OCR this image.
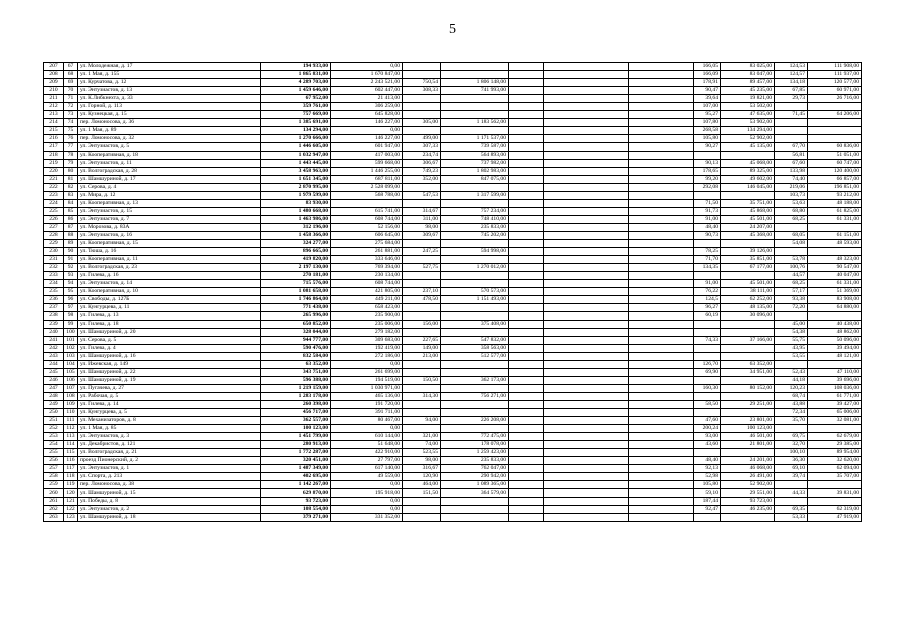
5
207	67	ул. Молодежная, д. 17	194 933,00	0,00						166,05	83 025,00	124,53	111 908,00
208	68	ул. 1 Мая, д. 155	1 865 831,00	1 670 847,00						166,09	83 047,00	124,57	111 937,00
209	69	ул. Курчатова, д. 12	4 289 703,00	2 243 521,00	750,54	1 806 148,00				178,91	89 457,00	134,18	120 577,00
210	70	ул. Энтузиастов, д. 13	1 459 646,00	602 447,00	308,33	741 993,00				90,47	45 235,00	67,85	60 971,00
211	71	ул. К.Либкнехта, д. 33	67 952,00	21 413,00						39,64	19 821,00	29,73	26 716,00
212	72	ул. Горной, д. 113	359 761,00	306 259,00						107,00	53 502,00		
213	73	ул. Кузнецкая, д. 15	757 669,00	645 828,00						95,27	47 635,00	71,45	64 206,00
214	74	пер. Ломоносова, д. 36	1 385 691,00	146 227,00	305,00	1 183 562,00				107,80	53 902,00		
215	75	ул. 1 Мая, д. 89	134 294,00	0,00						268,58	134 294,00		
216	76	пер. Ломоносова, д. 32	1 270 666,00	146 227,00	499,00	1 171 537,00				105,80	52 902,00		
217	77	ул. Энтузиастов, д. 5	1 446 605,00	601 947,00	307,33	739 587,00				90,27	45 135,00	67,70	60 836,00
218	78	ул. Кооперативная, д. 18	1 032 947,00	417 003,00	234,74	564 893,00						56,81	51 051,00
219	79	ул. Энтузиастов, д. 11	1 443 445,00	599 668,00	306,67	737 982,00				90,13	45 068,00	67,60	60 747,00
220	80	ул. Волгоградская, д. 28	3 458 963,00	1 446 255,00	749,23	1 802 983,00				178,65	89 325,00	133,98	120 400,00
221	81	ул. Шамшуриной, д. 17	1 651 345,00	687 811,00	352,00	847 075,00				99,20	49 602,00	74,40	66 857,00
222	82	ул. Серова, д. 4	2 870 995,00	2 528 099,00						292,08	146 045,00	219,06	196 851,00
223	83	ул. Мира, д. 12	1 979 599,00	568 788,00	547,53	1 317 599,00						103,73	93 212,00
224	84	ул. Кооперативная, д. 13	83 930,00							71,50	35 751,00	53,63	48 188,00
225	85	ул. Энтузиастов, д. 15	1 480 668,00	615 741,00	314,67	757 234,00				91,73	45 868,00	68,80	61 825,00
226	86	ул. Энтузиастов, д. 7	1 463 986,00	608 744,00	311,00	748 410,00				91,00	45 501,00	68,25	61 331,00
227	87	ул. Морозова, д. 83А	312 196,00	52 156,00	98,00	235 833,00				48,40	24 207,00		
228	88	ул. Энтузиастов, д. 16	1 458 366,00	606 645,00	309,67	745 202,00				90,73	45 368,00	68,05	61 151,00
229	89	ул. Кооперативная, д. 15	324 277,00	275 684,00								54,08	48 593,00
230	90	ул. Тюша, д. 16	896 665,00	261 881,00	247,25	594 998,00				78,25	39 126,00		
231	91	ул. Кооперативная, д. 11	419 820,00	333 646,00						71,70	35 851,00	53,78	48 323,00
232	92	ул. Волгоградская, д. 23	2 197 130,00	769 394,00	527,75	1 270 012,00				134,35	67 177,00	100,76	90 547,00
233	93	ул. Гилева, д. 16	270 181,00	230 134,00								44,57	40 047,00
234	94	ул. Энтузиастов, д. 14	715 576,00	608 744,00						91,00	45 501,00	68,25	61 331,00
235	95	ул. Кооперативная, д. 10	1 081 658,00	421 805,00	237,10	570 573,00				76,22	38 111,00	57,17	51 369,00
236	96	ул. Свободы, д. 127Б	1 746 864,00	449 211,00	478,50	1 151 493,00				124,5	62 252,00	93,38	83 908,00
237	97	ул. Кунгурцева, д. 11	771 438,00	658 423,00						96,27	48 135,00	72,20	64 880,00
238	98	ул. Гилева, д. 13	265 996,00	235 900,00						60,19	30 096,00		
239	99	ул. Гилева, д. 18	650 852,00	235 006,00	156,00	375 408,00						45,00	40 438,00
240	100	ул. Шамшуриной, д. 20	328 044,00	279 182,00								54,38	48 862,00
241	101	ул. Серова, д. 5	944 777,00	309 683,00	227,65	547 832,00				74,33	37 166,00	55,75	50 096,00
242	102	ул. Гилева, д. 4	590 476,00	192 419,00	149,00	358 563,00						43,95	39 494,00
243	103	ул. Шамшуриной, д. 16	832 584,00	272 186,00	213,00	512 577,00						53,55	48 121,00
244	104	ул. Ижевская, д. 149	63 352,00	0,00						126,70	63 352,00		
245	105	ул. Шамшуриной, д. 22	343 751,00	261 699,00						69,90	34 951,00	52,43	47 110,00
246	106	ул. Шамшуриной, д. 19	596 388,00	194 519,00	150,50	362 173,00						44,18	39 696,00
247	107	ул. Пугачева, д. 27	1 219 159,00	1 030 971,00						160,30	80 152,00	120,23	108 036,00
248	108	ул. Рабочая, д. 5	1 283 178,00	465 136,00	314,30	756 271,00						68,74	61 771,00
249	109	ул. Гилева, д. 14	260 398,00	191 720,00						58,50	29 251,00	43,88	39 427,00
250	110	ул. Кунгурцева, д. 5	456 717,00	391 711,00								72,34	65 006,00
251	111	ул. Механизаторов, д. 8	362 557,00	80 467,00	94,00	226 208,00				47,60	23 801,00	35,70	32 081,00
252	112	ул. 1 Мая, д. 85	100 123,00	0,00						200,24	100 123,00		
253	113	ул. Энтузиастов, д. 3	1 451 799,00	610 144,00	321,00	772 475,00				93,00	46 501,00	69,75	62 679,00
254	114	ул. Декабристов, д. 121	280 913,00	51 648,00	74,00	178 078,00				43,60	21 801,00	32,70	29 385,00
255	115	ул. Волгоградская, д. 21	1 772 287,00	422 910,00	523,55	1 259 423,00						100,10	89 954,00
256	116	проезд Пионерский, д. 2	320 451,00	27 797,00	98,00	235 833,00				48,40	24 201,00	36,30	32 620,00
257	117	ул. Энтузиастов, д. 1	1 487 349,00	617 140,00	316,67	762 047,00				92,13	46 068,00	69,10	62 094,00
258	118	ул. Спорта, д. 213	402 695,00	49 559,00	120,90	290 942,00				52,98	26 491,00	39,74	35 707,00
259	119	пер. Ломоносова, д. 38	1 142 267,00	0,00	464,00	1 089 365,00				105,80	52 902,00		
260	120	ул. Шамшуриной, д. 15	629 870,00	195 918,00	151,50	364 579,00				59,10	29 551,00	44,33	39 831,00
261	121	ул. Победы, д. 8	93 723,00	0,00						187,44	93 723,00		
262	122	ул. Энтузиастов, д. 2	108 554,00	0,00						92,47	46 235,00	69,35	62 319,00
263	123	ул. Шамшуриной, д. 18	379 271,00	331 352,00								53,33	47 919,00
